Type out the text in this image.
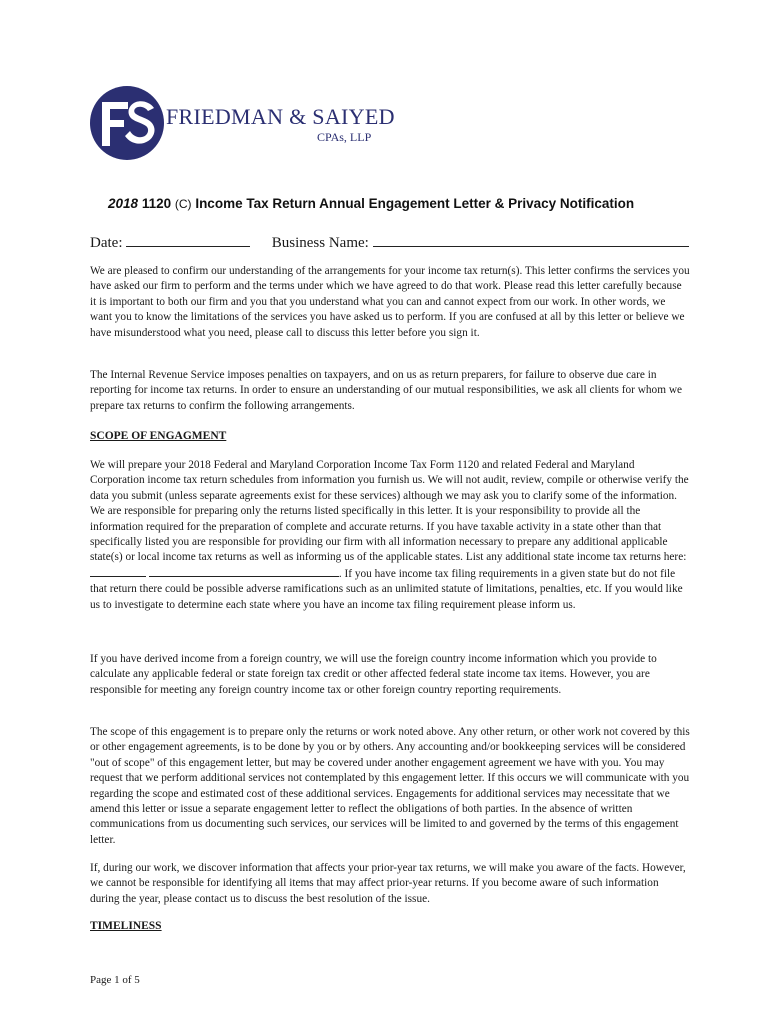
FRIEDMAN & SAIYED
CPAs, LLP
2018 1120 (C) Income Tax Return Annual Engagement Letter & Privacy Notification
Date:	Business Name:
We are pleased to confirm our understanding of the arrangements for your income tax return(s). This letter confirms the services you have asked our firm to perform and the terms under which we have agreed to do that work. Please read this letter carefully because it is important to both our firm and you that you understand what you can and cannot expect from our work. In other words, we want you to know the limitations of the services you have asked us to perform. If you are confused at all by this letter or believe we have misunderstood what you need, please call to discuss this letter before you sign it.
The Internal Revenue Service imposes penalties on taxpayers, and on us as return preparers, for failure to observe due care in reporting for income tax returns. In order to ensure an understanding of our mutual responsibilities, we ask all clients for whom we prepare tax returns to confirm the following arrangements.
SCOPE OF ENGAGMENT
We will prepare your 2018 Federal and Maryland Corporation Income Tax Form 1120 and related Federal and Maryland Corporation income tax return schedules from information you furnish us. We will not audit, review, compile or otherwise verify the data you submit (unless separate agreements exist for these services) although we may ask you to clarify some of the information. We are responsible for preparing only the returns listed specifically in this letter. It is your responsibility to provide all the information required for the preparation of complete and accurate returns. If you have taxable activity in a state other than that specifically listed you are responsible for providing our firm with all information necessary to prepare any additional applicable state(s) or local income tax returns as well as informing us of the applicable states. List any additional state income tax returns here:  . If you have income tax filing requirements in a given state but do not file that return there could be possible adverse ramifications such as an unlimited statute of limitations, penalties, etc. If you would like us to investigate to determine each state where you have an income tax filing requirement please inform us.
If you have derived income from a foreign country, we will use the foreign country income information which you provide to calculate any applicable federal or state foreign tax credit or other affected federal state income tax items. However, you are responsible for meeting any foreign country income tax or other foreign country reporting requirements.
The scope of this engagement is to prepare only the returns or work noted above. Any other return, or other work not covered by this or other engagement agreements, is to be done by you or by others. Any accounting and/or bookkeeping services will be considered "out of scope" of this engagement letter, but may be covered under another engagement agreement we have with you. You may request that we perform additional services not contemplated by this engagement letter. If this occurs we will communicate with you regarding the scope and estimated cost of these additional services. Engagements for additional services may necessitate that we amend this letter or issue a separate engagement letter to reflect the obligations of both parties. In the absence of written communications from us documenting such services, our services will be limited to and governed by the terms of this engagement letter.
If, during our work, we discover information that affects your prior-year tax returns, we will make you aware of the facts. However, we cannot be responsible for identifying all items that may affect prior-year returns. If you become aware of such information during the year, please contact us to discuss the best resolution of the issue.
TIMELINESS
Page 1 of 5
